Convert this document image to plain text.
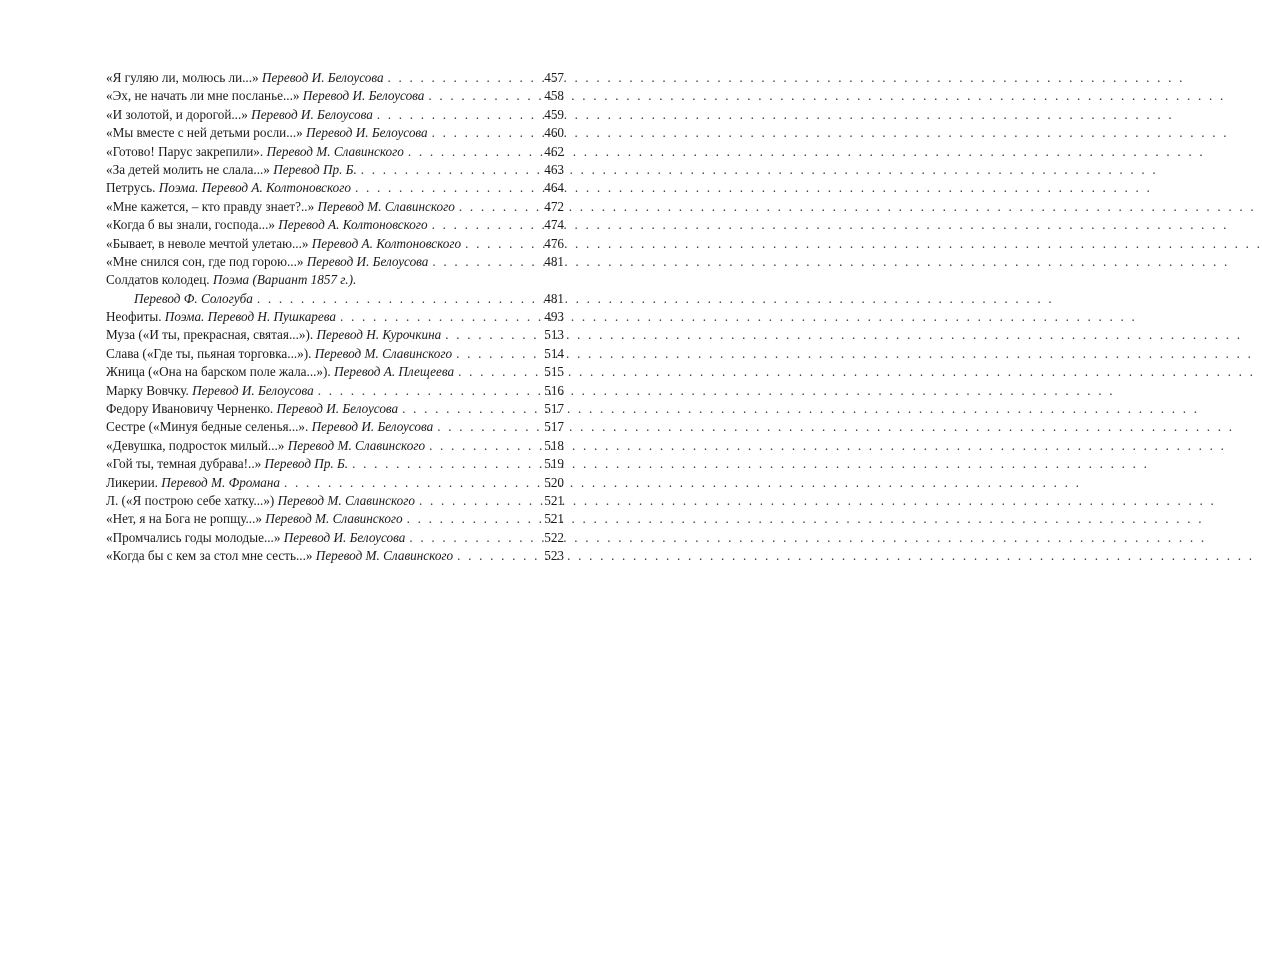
«Я гуляю ли, молюсь ли...» Перевод И. Белоусова . . .	457
«Эх, не начать ли мне посланье...» Перевод И. Белоусова . . .	458
«И золотой, и дорогой...» Перевод И. Белоусова . . .	459
«Мы вместе с ней детьми росли...» Перевод И. Белоусова . . .	460
«Готово! Парус закрепили». Перевод М. Славинского . . .	462
«За детей молить не слала...» Перевод Пр. Б. . . .	463
Петрусь. Поэма. Перевод А. Колтоновского . . .	464
«Мне кажется, – кто правду знает?..» Перевод М. Славинского . . .	472
«Когда б вы знали, господа...» Перевод А. Колтоновского . . .	474
«Бывает, в неволе мечтой улетаю...» Перевод А. Колтоновского . . .	476
«Мне снился сон, где под горою...» Перевод И. Белоусова . . .	481
Солдатов колодец. Поэма (Вариант 1857 г.).
Перевод Ф. Сологуба . . .	481
Неофиты. Поэма. Перевод Н. Пушкарева . . .	493
Муза («И ты, прекрасная, святая...»). Перевод Н. Курочкина . . .	513
Слава («Где ты, пьяная торговка...»). Перевод М. Славинского . . .	514
Жница («Она на барском поле жала...»). Перевод А. Плещеева . . .	515
Марку Вовчку. Перевод И. Белоусова . . .	516
Федору Ивановичу Черненко. Перевод И. Белоусова . . .	517
Сестре («Минуя бедные селенья...». Перевод И. Белоусова . . .	517
«Девушка, подросток милый...» Перевод М. Славинского . . .	518
«Гой ты, темная дубрава!..» Перевод Пр. Б. . . .	519
Ликерии. Перевод М. Фромана . . .	520
Л. («Я построю себе хатку...») Перевод М. Славинского . . .	521
«Нет, я на Бога не ропщу...» Перевод М. Славинского . . .	521
«Промчались годы молодые...» Перевод И. Белоусова . . .	522
«Когда бы с кем за стол мне сесть...» Перевод М. Славинского . . .	523
